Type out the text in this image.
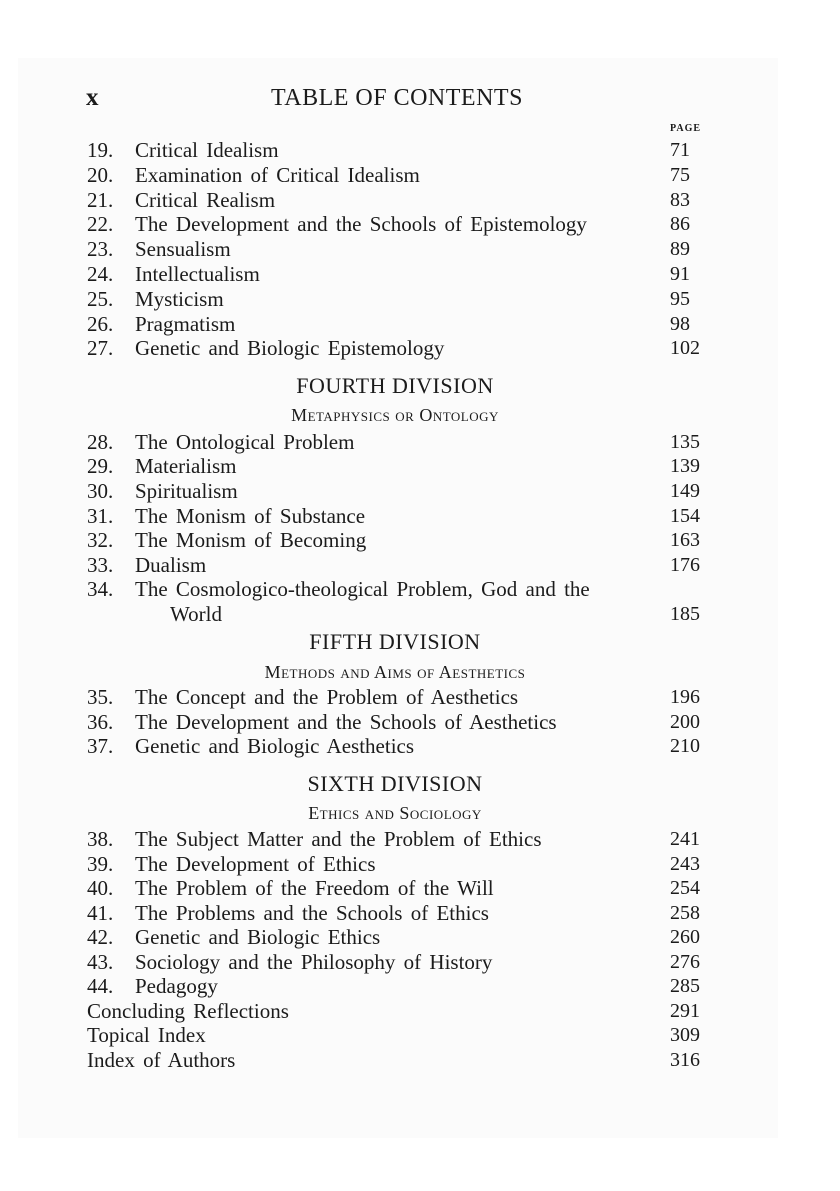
x	TABLE OF CONTENTS
PAGE
19. Critical Idealism	71
20. Examination of Critical Idealism	75
21. Critical Realism	83
22. The Development and the Schools of Epistemology	86
23. Sensualism	89
24. Intellectualism	91
25. Mysticism	95
26. Pragmatism	98
27. Genetic and Biologic Epistemology	102
FOURTH DIVISION
Metaphysics or Ontology
28. The Ontological Problem	135
29. Materialism	139
30. Spiritualism	149
31. The Monism of Substance	154
32. The Monism of Becoming	163
33. Dualism	176
34. The Cosmologico-theological Problem, God and the
World	185
FIFTH DIVISION
Methods and Aims of Aesthetics
35. The Concept and the Problem of Aesthetics	196
36. The Development and the Schools of Aesthetics	200
37. Genetic and Biologic Aesthetics	210
SIXTH DIVISION
Ethics and Sociology
38. The Subject Matter and the Problem of Ethics	241
39. The Development of Ethics	243
40. The Problem of the Freedom of the Will	254
41. The Problems and the Schools of Ethics	258
42. Genetic and Biologic Ethics	260
43. Sociology and the Philosophy of History	276
44. Pedagogy	285
Concluding Reflections	291
Topical Index	309
Index of Authors	316
